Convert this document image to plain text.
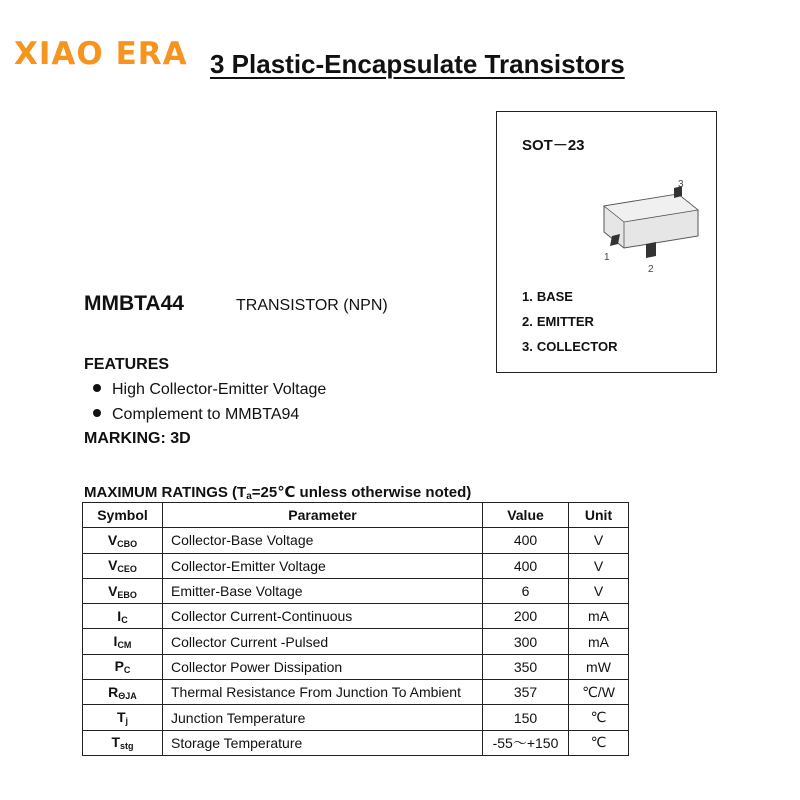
XIAO ERA 3 Plastic-Encapsulate Transistors
SOT－23
3
1
2
1. BASE
2. EMITTER
3. COLLECTOR
MMBTA44	TRANSISTOR (NPN)
FEATURES
High Collector-Emitter Voltage
Complement to MMBTA94
MARKING: 3D
MAXIMUM RATINGS ($T_a=25℃$ unless otherwise noted)
Symbol	Parameter	Value	Unit
$V_{CBO}$	Collector-Base Voltage	400	V
$V_{CEO}$	Collector-Emitter Voltage	400	V
$V_{EBO}$	Emitter-Base Voltage	6	V
$I_C$	Collector Current-Continuous	200	mA
$I_{CM}$	Collector Current -Pulsed	300	mA
$P_C$	Collector Power Dissipation	350	mW
$R_{\Theta JA}$	Thermal Resistance From Junction To Ambient	357	℃/W
$T_j$	Junction Temperature	150	℃
$T_{stg}$	Storage Temperature	-55～+150	℃
